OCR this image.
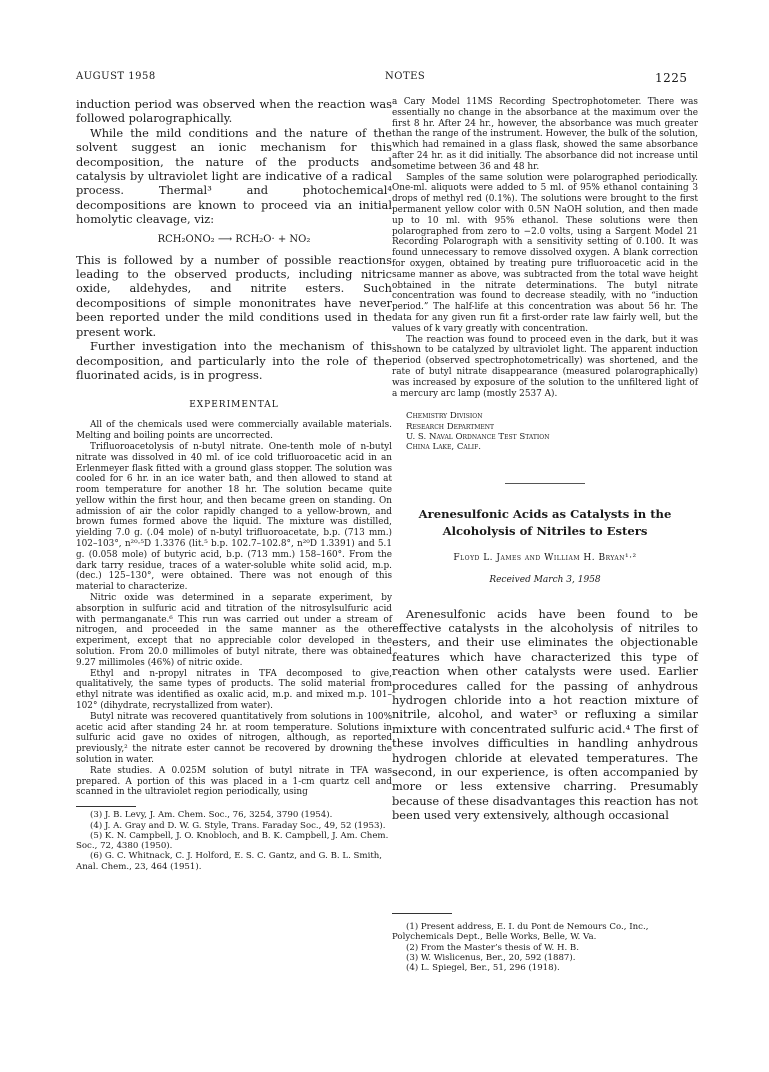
AUGUST 1958	NOTES	1225

induction period was observed when the reaction was followed polarographically.

While the mild conditions and the nature of the solvent suggest an ionic mechanism for this decomposition, the nature of the products and catalysis by ultraviolet light are indicative of a radical process. Thermal³ and photochemical⁴ decompositions are known to proceed via an initial homolytic cleavage, viz:

RCH₂ONO₂ ⟶ RCH₂O· + NO₂

This is followed by a number of possible reactions leading to the observed products, including nitric oxide, aldehydes, and nitrite esters. Such decompositions of simple mononitrates have never been reported under the mild conditions used in the present work.

Further investigation into the mechanism of this decomposition, and particularly into the role of the fluorinated acids, is in progress.

EXPERIMENTAL

All of the chemicals used were commercially available materials. Melting and boiling points are uncorrected.

Trifluoroacetolysis of n-butyl nitrate. One-tenth mole of n-butyl nitrate was dissolved in 40 ml. of ice cold trifluoroacetic acid in an Erlenmeyer flask fitted with a ground glass stopper. The solution was cooled for 6 hr. in an ice water bath, and then allowed to stand at room temperature for another 18 hr. The solution became quite yellow within the first hour, and then became green on standing. On admission of air the color rapidly changed to a yellow-brown, and brown fumes formed above the liquid. The mixture was distilled, yielding 7.0 g. (.04 mole) of n-butyl trifluoroacetate, b.p. (713 mm.) 102–103°, n²⁰·⁵D 1.3376 (lit.⁵ b.p. 102.7–102.8°, n²⁰D 1.3391) and 5.1 g. (0.058 mole) of butyric acid, b.p. (713 mm.) 158–160°. From the dark tarry residue, traces of a water-soluble white solid acid, m.p. (dec.) 125–130°, were obtained. There was not enough of this material to characterize.

Nitric oxide was determined in a separate experiment, by absorption in sulfuric acid and titration of the nitrosylsulfuric acid with permanganate.⁶ This run was carried out under a stream of nitrogen, and proceeded in the same manner as the other experiment, except that no appreciable color developed in the solution. From 20.0 millimoles of butyl nitrate, there was obtained 9.27 millimoles (46%) of nitric oxide.

Ethyl and n-propyl nitrates in TFA decomposed to give, qualitatively, the same types of products. The solid material from ethyl nitrate was identified as oxalic acid, m.p. and mixed m.p. 101–102° (dihydrate, recrystallized from water).

Butyl nitrate was recovered quantitatively from solutions in 100% acetic acid after standing 24 hr. at room temperature. Solutions in sulfuric acid gave no oxides of nitrogen, although, as reported previously,² the nitrate ester cannot be recovered by drowning the solution in water.

Rate studies. A 0.025M solution of butyl nitrate in TFA was prepared. A portion of this was placed in a 1-cm quartz cell and scanned in the ultraviolet region periodically, using

(3) J. B. Levy, J. Am. Chem. Soc., 76, 3254, 3790 (1954).

(4) J. A. Gray and D. W. G. Style, Trans. Faraday Soc., 49, 52 (1953).

(5) K. N. Campbell, J. O. Knobloch, and B. K. Campbell, J. Am. Chem. Soc., 72, 4380 (1950).

(6) G. C. Whitnack, C. J. Holford, E. S. C. Gantz, and G. B. L. Smith, Anal. Chem., 23, 464 (1951).

a Cary Model 11MS Recording Spectrophotometer. There was essentially no change in the absorbance at the maximum over the first 8 hr. After 24 hr., however, the absorbance was much greater than the range of the instrument. However, the bulk of the solution, which had remained in a glass flask, showed the same absorbance after 24 hr. as it did initially. The absorbance did not increase until sometime between 36 and 48 hr.

Samples of the same solution were polarographed periodically. One-ml. aliquots were added to 5 ml. of 95% ethanol containing 3 drops of methyl red (0.1%). The solutions were brought to the first permanent yellow color with 0.5N NaOH solution, and then made up to 10 ml. with 95% ethanol. These solutions were then polarographed from zero to −2.0 volts, using a Sargent Model 21 Recording Polarograph with a sensitivity setting of 0.100. It was found unnecessary to remove dissolved oxygen. A blank correction for oxygen, obtained by treating pure trifluoroacetic acid in the same manner as above, was subtracted from the total wave height obtained in the nitrate determinations. The butyl nitrate concentration was found to decrease steadily, with no “induction period.” The half-life at this concentration was about 56 hr. The data for any given run fit a first-order rate law fairly well, but the values of k vary greatly with concentration.

The reaction was found to proceed even in the dark, but it was shown to be catalyzed by ultraviolet light. The apparent induction period (observed spectrophotometrically) was shortened, and the rate of butyl nitrate disappearance (measured polarographically) was increased by exposure of the solution to the unfiltered light of a mercury arc lamp (mostly 2537 A).

Chemistry Division
Research Department
U. S. Naval Ordnance Test Station
China Lake, Calif.
Arenesulfonic Acids as Catalysts in the
Alcoholysis of Nitriles to Esters
Floyd L. James and William H. Bryan¹·²
Received March 3, 1958

Arenesulfonic acids have been found to be effective catalysts in the alcoholysis of nitriles to esters, and their use eliminates the objectionable features which have characterized this type of reaction when other catalysts were used. Earlier procedures called for the passing of anhydrous hydrogen chloride into a hot reaction mixture of nitrile, alcohol, and water³ or refluxing a similar mixture with concentrated sulfuric acid.⁴ The first of these involves difficulties in handling anhydrous hydrogen chloride at elevated temperatures. The second, in our experience, is often accompanied by more or less extensive charring. Presumably because of these disadvantages this reaction has not been used very extensively, although occasional

(1) Present address, E. I. du Pont de Nemours Co., Inc., Polychemicals Dept., Belle Works, Belle, W. Va.

(2) From the Master’s thesis of W. H. B.

(3) W. Wislicenus, Ber., 20, 592 (1887).

(4) L. Spiegel, Ber., 51, 296 (1918).
